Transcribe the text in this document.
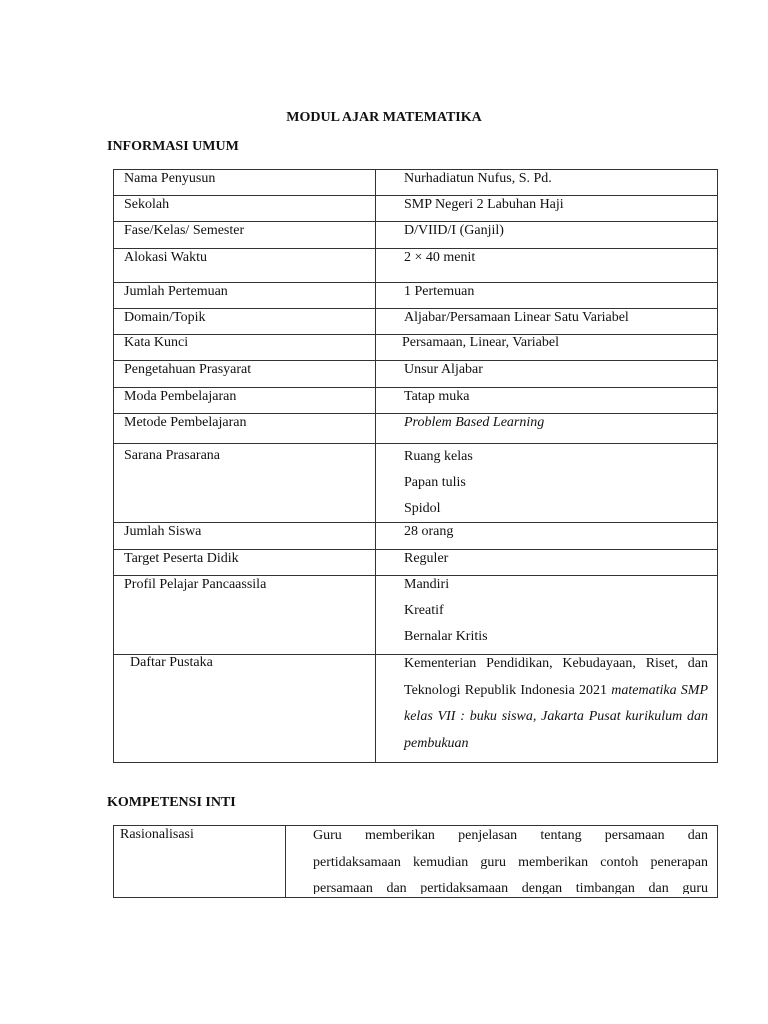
MODUL AJAR MATEMATIKA
INFORMASI UMUM
Nama Penyusun	Nurhadiatun Nufus, S. Pd.

Sekolah	SMP Negeri 2 Labuhan Haji

Fase/Kelas/ Semester	D/VIID/I (Ganjil)

Alokasi Waktu	2 × 40 menit

Jumlah Pertemuan	1 Pertemuan

Domain/Topik	Aljabar/Persamaan Linear Satu Variabel

Kata Kunci	Persamaan, Linear, Variabel

Pengetahuan Prasyarat	Unsur Aljabar

Moda Pembelajaran	Tatap muka

Metode Pembelajaran	Problem Based Learning

Sarana Prasarana	Ruang kelas
Papan tulis
Spidol

Jumlah Siswa	28 orang

Target Peserta Didik	Reguler

Profil Pelajar Pancaassila	Mandiri
Kreatif
Bernalar Kritis

Daftar Pustaka	Kementerian Pendidikan, Kebudayaan, Riset, dan Teknologi Republik Indonesia 2021 matematika SMP kelas VII : buku siswa, Jakarta Pusat kurikulum dan pembukuan
KOMPETENSI INTI
Rasionalisasi	Guru memberikan penjelasan tentang persamaan dan
pertidaksamaan kemudian guru memberikan contoh penerapan
persamaan dan pertidaksamaan dengan timbangan dan guru
